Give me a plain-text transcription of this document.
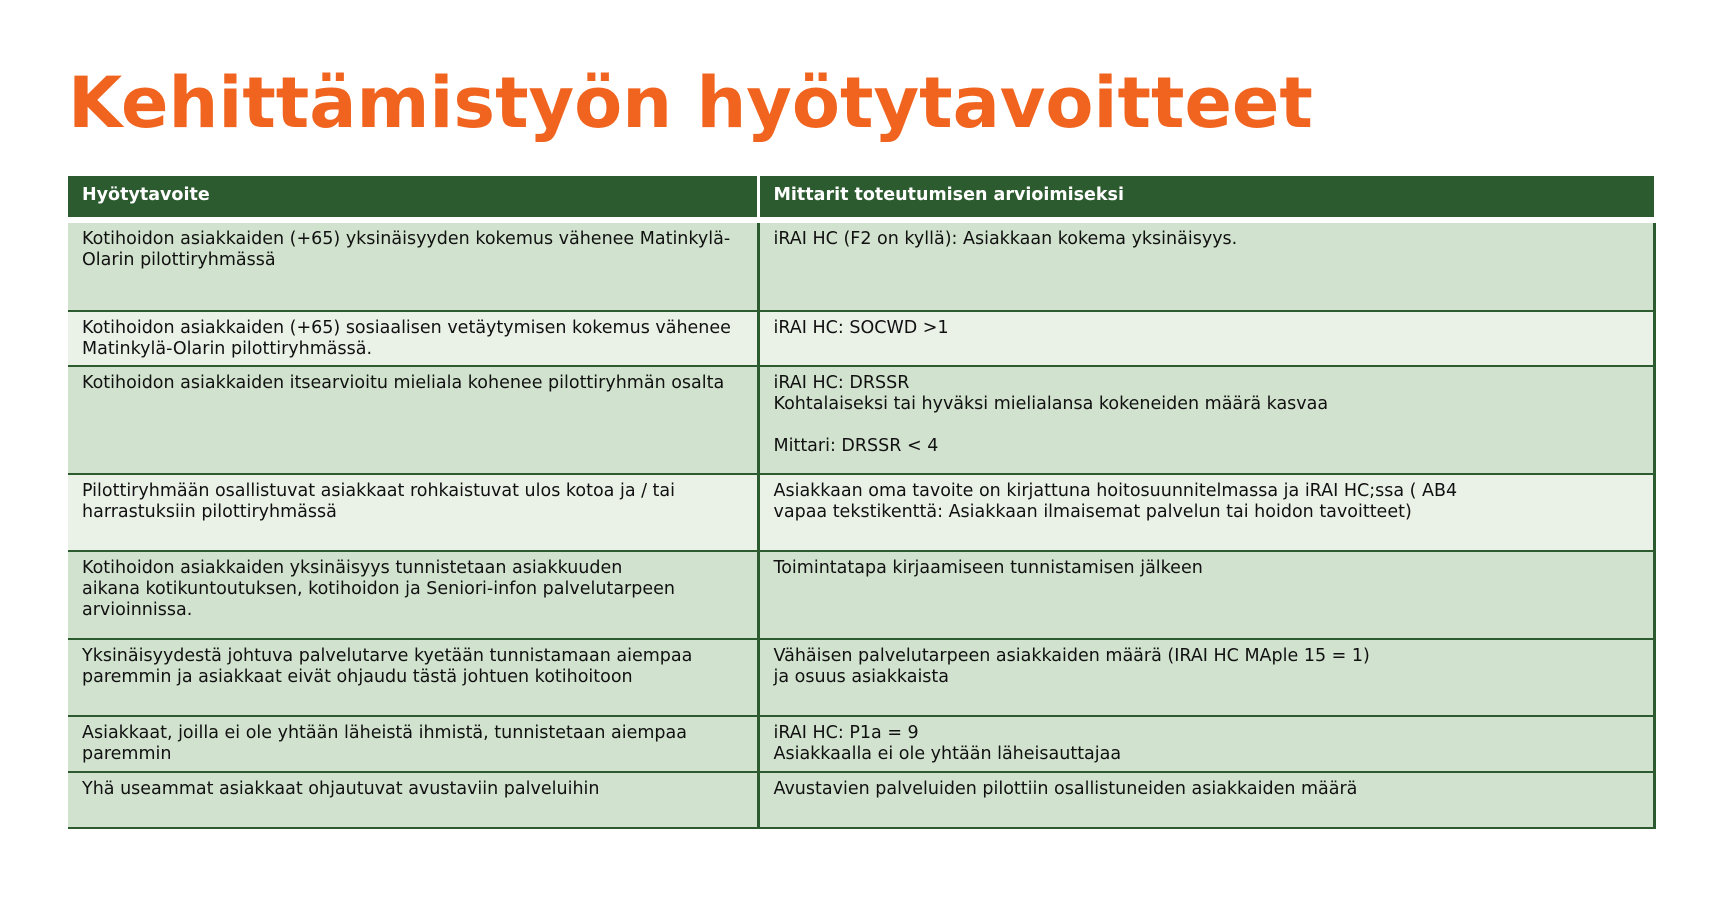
Kehittämistyön hyötytavoitteet
Hyötytavoite	Mittarit toteutumisen arvioimiseksi

Kotihoidon asiakkaiden (+65) yksinäisyyden kokemus vähenee Matinkylä-Olarin pilottiryhmässä	iRAI HC (F2 on kyllä): Asiakkaan kokema yksinäisyys.
Kotihoidon asiakkaiden (+65) sosiaalisen vetäytymisen kokemus vähenee Matinkylä-Olarin pilottiryhmässä.	iRAI HC: SOCWD >1
Kotihoidon asiakkaiden itsearvioitu mieliala kohenee pilottiryhmän osalta	iRAI HC: DRSSR
Kohtalaiseksi tai hyväksi mielialansa kokeneiden määrä kasvaa

Mittari: DRSSR < 4
Pilottiryhmään osallistuvat asiakkaat rohkaistuvat ulos kotoa ja / tai harrastuksiin pilottiryhmässä	Asiakkaan oma tavoite on kirjattuna hoitosuunnitelmassa ja iRAI HC;ssa ( AB4
vapaa tekstikenttä: Asiakkaan ilmaisemat palvelun tai hoidon tavoitteet)
Kotihoidon asiakkaiden yksinäisyys tunnistetaan asiakkuuden
aikana kotikuntoutuksen, kotihoidon ja Seniori-infon palvelutarpeen arvioinnissa.	Toimintatapa kirjaamiseen tunnistamisen jälkeen
Yksinäisyydestä johtuva palvelutarve kyetään tunnistamaan aiempaa paremmin ja asiakkaat eivät ohjaudu tästä johtuen kotihoitoon	Vähäisen palvelutarpeen asiakkaiden määrä (IRAI HC MAple 15 = 1)
ja osuus asiakkaista
Asiakkaat, joilla ei ole yhtään läheistä ihmistä, tunnistetaan aiempaa paremmin	iRAI HC: P1a = 9
Asiakkaalla ei ole yhtään läheisauttajaa
Yhä useammat asiakkaat ohjautuvat avustaviin palveluihin	Avustavien palveluiden pilottiin osallistuneiden asiakkaiden määrä
